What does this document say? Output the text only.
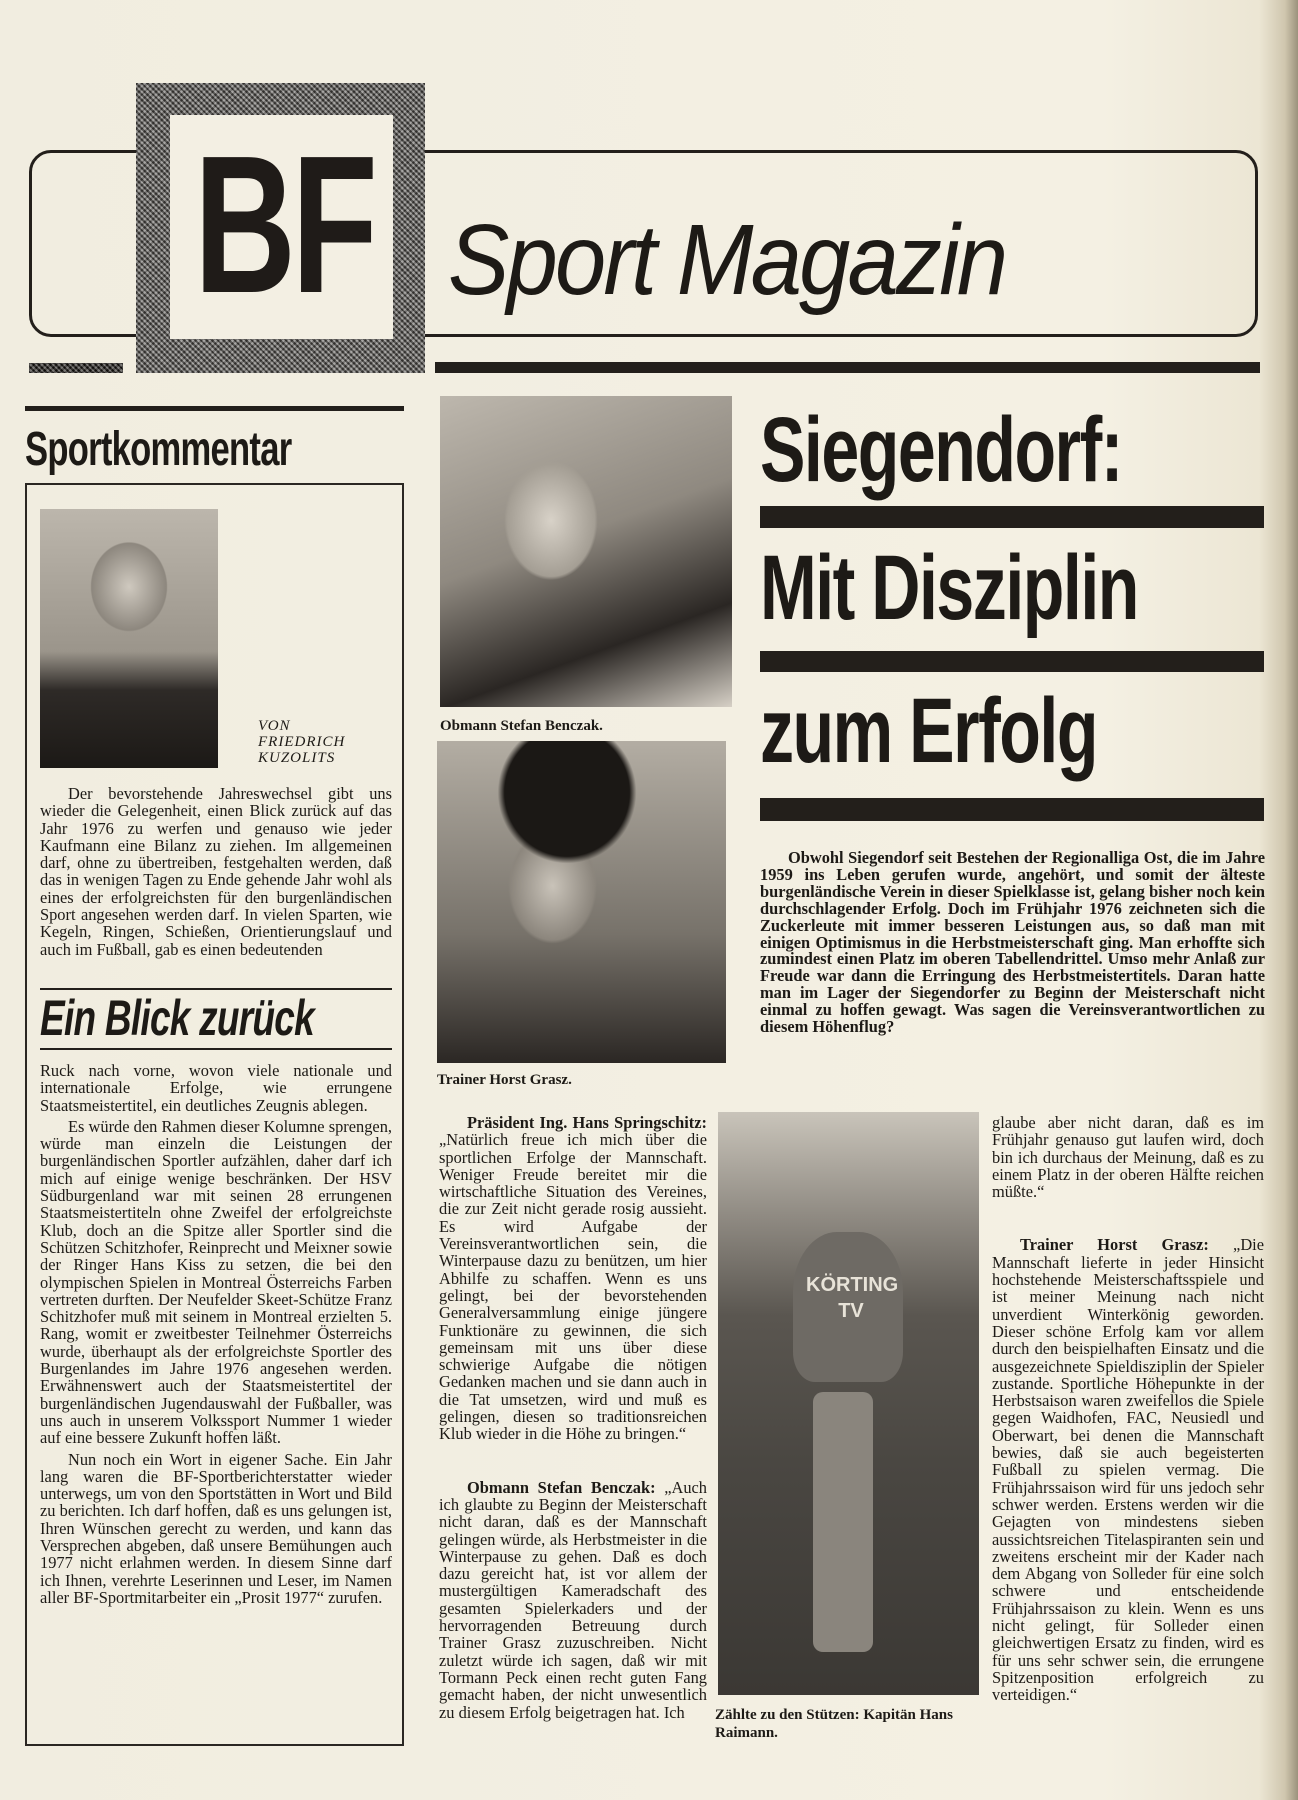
BF Sport Magazin
Sportkommentar
VON
FRIEDRICH
KUZOLITS

Der bevorstehende Jahreswechsel gibt uns wieder die Gelegenheit, einen Blick zurück auf das Jahr 1976 zu werfen und genauso wie jeder Kaufmann eine Bilanz zu ziehen. Im allgemeinen darf, ohne zu übertreiben, festgehalten werden, daß das in wenigen Tagen zu Ende gehende Jahr wohl als eines der erfolgreichsten für den burgenländischen Sport angesehen werden darf. In vielen Sparten, wie Kegeln, Ringen, Schießen, Orientierungslauf und auch im Fußball, gab es einen bedeutenden

Ein Blick zurück

Ruck nach vorne, wovon viele nationale und internationale Erfolge, wie errungene Staatsmeistertitel, ein deutliches Zeugnis ablegen.

Es würde den Rahmen dieser Kolumne sprengen, würde man einzeln die Leistungen der burgenländischen Sportler aufzählen, daher darf ich mich auf einige wenige beschränken. Der HSV Südburgenland war mit seinen 28 errungenen Staatsmeistertiteln ohne Zweifel der erfolgreichste Klub, doch an die Spitze aller Sportler sind die Schützen Schitzhofer, Reinprecht und Meixner sowie der Ringer Hans Kiss zu setzen, die bei den olympischen Spielen in Montreal Österreichs Farben vertreten durften. Der Neufelder Skeet-Schütze Franz Schitzhofer muß mit seinem in Montreal erzielten 5. Rang, womit er zweitbester Teilnehmer Österreichs wurde, überhaupt als der erfolgreichste Sportler des Burgenlandes im Jahre 1976 angesehen werden. Erwähnenswert auch der Staatsmeistertitel der burgenländischen Jugendauswahl der Fußballer, was uns auch in unserem Volkssport Nummer 1 wieder auf eine bessere Zukunft hoffen läßt.

Nun noch ein Wort in eigener Sache. Ein Jahr lang waren die BF-Sportberichterstatter wieder unterwegs, um von den Sportstätten in Wort und Bild zu berichten. Ich darf hoffen, daß es uns gelungen ist, Ihren Wünschen gerecht zu werden, und kann das Versprechen abgeben, daß unsere Bemühungen auch 1977 nicht erlahmen werden. In diesem Sinne darf ich Ihnen, verehrte Leserinnen und Leser, im Namen aller BF-Sportmitarbeiter ein „Prosit 1977“ zurufen.

Obmann Stefan Benczak.
Trainer Horst Grasz.
Siegendorf:
Mit Disziplin
zum Erfolg

Obwohl Siegendorf seit Bestehen der Regionalliga Ost, die im Jahre 1959 ins Leben gerufen wurde, angehört, und somit der älteste burgenländische Verein in dieser Spielklasse ist, gelang bisher noch kein durchschlagender Erfolg. Doch im Frühjahr 1976 zeichneten sich die Zuckerleute mit immer besseren Leistungen aus, so daß man mit einigen Optimismus in die Herbstmeisterschaft ging. Man erhoffte sich zumindest einen Platz im oberen Tabellendrittel. Umso mehr Anlaß zur Freude war dann die Erringung des Herbstmeistertitels. Daran hatte man im Lager der Siegendorfer zu Beginn der Meisterschaft nicht einmal zu hoffen gewagt. Was sagen die Vereinsverantwortlichen zu diesem Höhenflug?

Präsident Ing. Hans Springschitz: „Natürlich freue ich mich über die sportlichen Erfolge der Mannschaft. Weniger Freude bereitet mir die wirtschaftliche Situation des Vereines, die zur Zeit nicht gerade rosig aussieht. Es wird Aufgabe der Vereinsverantwortlichen sein, die Winterpause dazu zu benützen, um hier Abhilfe zu schaffen. Wenn es uns gelingt, bei der bevorstehenden Generalversammlung einige jüngere Funktionäre zu gewinnen, die sich gemeinsam mit uns über diese schwierige Aufgabe die nötigen Gedanken machen und sie dann auch in die Tat umsetzen, wird und muß es gelingen, diesen so traditionsreichen Klub wieder in die Höhe zu bringen.“

Obmann Stefan Benczak: „Auch ich glaubte zu Beginn der Meisterschaft nicht daran, daß es der Mannschaft gelingen würde, als Herbstmeister in die Winterpause zu gehen. Daß es doch dazu gereicht hat, ist vor allem der mustergültigen Kameradschaft des gesamten Spielerkaders und der hervorragenden Betreuung durch Trainer Grasz zuzuschreiben. Nicht zuletzt würde ich sagen, daß wir mit Tormann Peck einen recht guten Fang gemacht haben, der nicht unwesentlich zu diesem Erfolg beigetragen hat. Ich

KÖRTING
TV
Zählte zu den Stützen: Kapitän Hans Raimann.

glaube aber nicht daran, daß es im Frühjahr genauso gut laufen wird, doch bin ich durchaus der Meinung, daß es zu einem Platz in der oberen Hälfte reichen müßte.“

Trainer Horst Grasz: „Die Mannschaft lieferte in jeder Hinsicht hochstehende Meisterschaftsspiele und ist meiner Meinung nach nicht unverdient Winterkönig geworden. Dieser schöne Erfolg kam vor allem durch den beispielhaften Einsatz und die ausgezeichnete Spieldisziplin der Spieler zustande. Sportliche Höhepunkte in der Herbstsaison waren zweifellos die Spiele gegen Waidhofen, FAC, Neusiedl und Oberwart, bei denen die Mannschaft bewies, daß sie auch begeisterten Fußball zu spielen vermag. Die Frühjahrssaison wird für uns jedoch sehr schwer werden. Erstens werden wir die Gejagten von mindestens sieben aussichtsreichen Titelaspiranten sein und zweitens erscheint mir der Kader nach dem Abgang von Solleder für eine solch schwere und entscheidende Frühjahrssaison zu klein. Wenn es uns nicht gelingt, für Solleder einen gleichwertigen Ersatz zu finden, wird es für uns sehr schwer sein, die errungene Spitzenposition erfolgreich zu verteidigen.“
